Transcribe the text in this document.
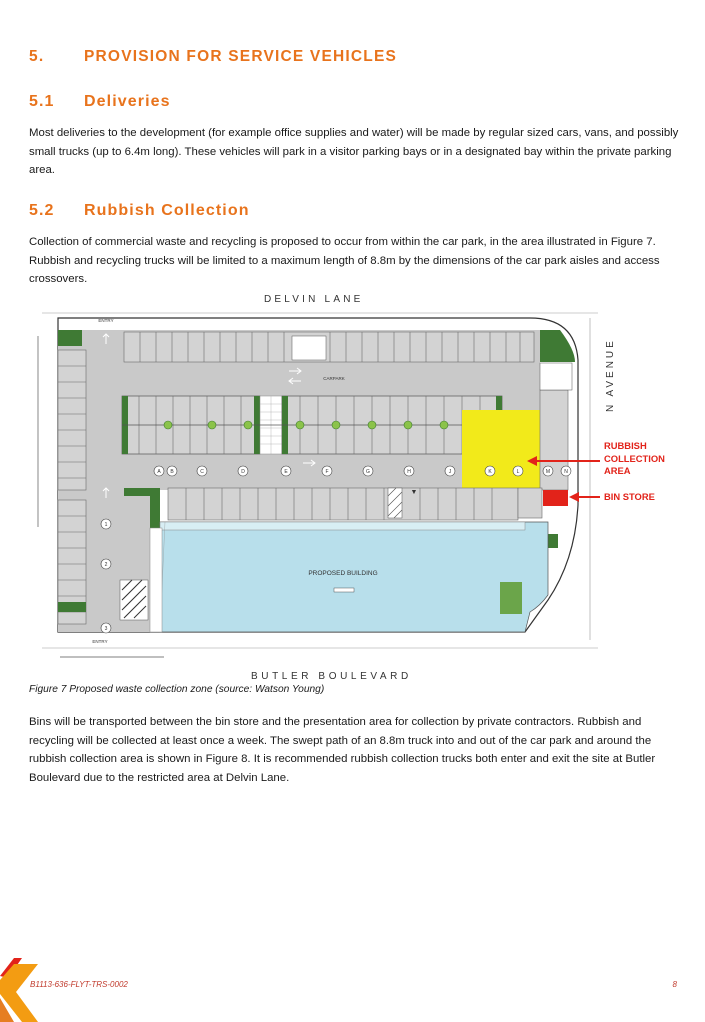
5.	PROVISION FOR SERVICE VEHICLES
5.1 Deliveries

Most deliveries to the development (for example office supplies and water) will be made by regular sized cars, vans, and possibly small trucks (up to 6.4m long). These vehicles will park in a visitor parking bays or in a designated bay within the private parking area.

5.2 Rubbish Collection

Collection of commercial waste and recycling is proposed to occur from within the car park, in the area illustrated in Figure 7. Rubbish and recycling trucks will be limited to a maximum length of 8.8m by the dimensions of the car park aisles and access crossovers.

DELVIN LANE
BUTLER BOULEVARD
N AVENUE
A B	C	D	E	F	G	H	J	K	L	M	N
1
2
3
▼
CARPARK
PROPOSED BUILDING
ENTRY
ENTRY
RUBBISH
COLLECTION
AREA
BIN STORE
Figure 7 Proposed waste collection zone (source: Watson Young)

Bins will be transported between the bin store and the presentation area for collection by private contractors. Rubbish and recycling will be collected at least once a week. The swept path of an 8.8m truck into and out of the car park and around the rubbish collection area is shown in Figure 8. It is recommended rubbish collection trucks both enter and exit the site at Butler Boulevard due to the restricted area at Delvin Lane.

B1113-636-FLYT-TRS-0002	8
